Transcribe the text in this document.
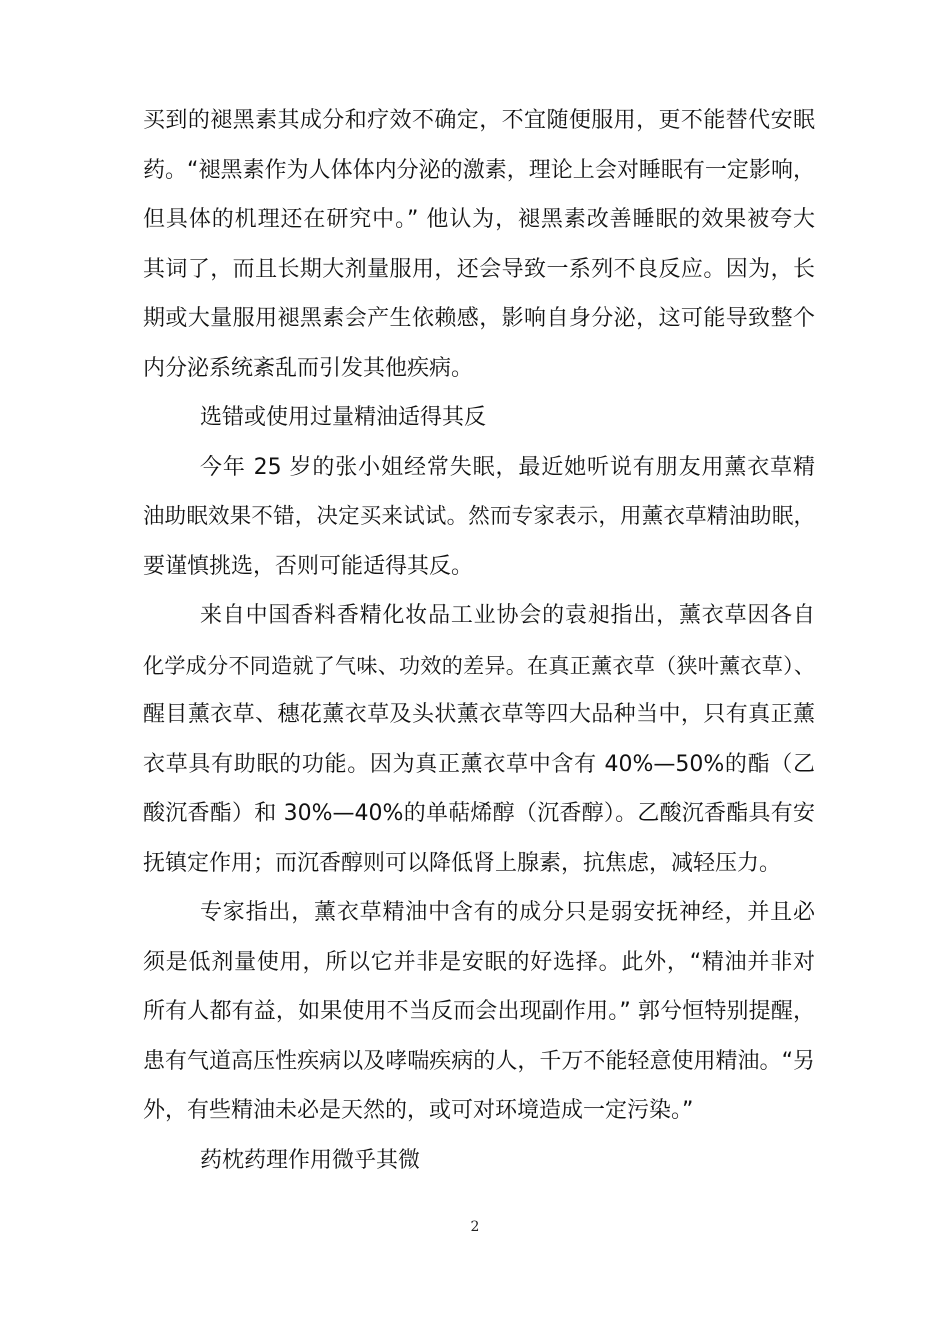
买到的褪黑素其成分和疗效不确定，不宜随便服用，更不能替代安眠
药。“褪黑素作为人体体内分泌的激素，理论上会对睡眠有一定影响，
但具体的机理还在研究中。” 他认为，褪黑素改善睡眠的效果被夸大
其词了，而且长期大剂量服用，还会导致一系列不良反应。因为，长
期或大量服用褪黑素会产生依赖感，影响自身分泌，这可能导致整个
内分泌系统紊乱而引发其他疾病。

选错或使用过量精油适得其反

今年 25 岁的张小姐经常失眠，最近她听说有朋友用薰衣草精

油助眠效果不错，决定买来试试。然而专家表示，用薰衣草精油助眠，
要谨慎挑选，否则可能适得其反。

来自中国香料香精化妆品工业协会的袁昶指出，薰衣草因各自

化学成分不同造就了气味、功效的差异。在真正薰衣草（狭叶薰衣草）、
醒目薰衣草、穗花薰衣草及头状薰衣草等四大品种当中，只有真正薰
衣草具有助眠的功能。因为真正薰衣草中含有 40%—50%的酯（乙
酸沉香酯）和 30%—40%的单萜烯醇（沉香醇）。乙酸沉香酯具有安
抚镇定作用；而沉香醇则可以降低肾上腺素，抗焦虑，减轻压力。

专家指出，薰衣草精油中含有的成分只是弱安抚神经，并且必

须是低剂量使用，所以它并非是安眠的好选择。此外，“精油并非对
所有人都有益，如果使用不当反而会出现副作用。” 郭兮恒特别提醒，
患有气道高压性疾病以及哮喘疾病的人，千万不能轻意使用精油。“另
外，有些精油未必是天然的，或可对环境造成一定污染。”

药枕药理作用微乎其微

2
